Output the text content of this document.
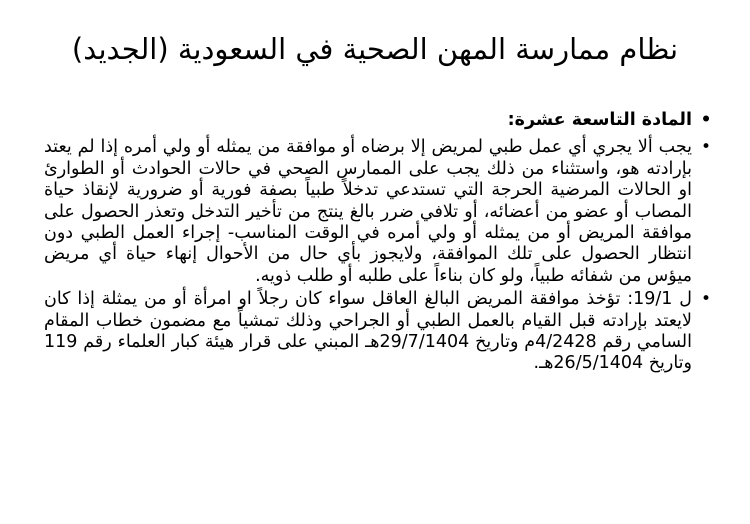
نظام ممارسة المهن الصحية في السعودية (الجديد)
•
المادة التاسعة عشرة:
•
يجب ألا يجري أي عمل طبي لمريض إلا برضاه أو موافقة من يمثله أو ولي أمره إذا لم يعتد بإرادته هو، واستثناء من ذلك يجب على الممارس الصحي في حالات الحوادث أو الطوارئ او الحالات المرضية الحرجة التي تستدعي تدخلاً طبياً بصفة فورية أو ضرورية لإنقاذ حياة المصاب أو عضو من أعضائه، أو تلافي ضرر بالغ ينتج من تأخير التدخل وتعذر الحصول على موافقة المريض أو من يمثله أو ولي أمره في الوقت المناسب- إجراء العمل الطبي دون انتظار الحصول على تلك الموافقة، ولايجوز بأي حال من الأحوال إنهاء حياة أي مريض ميؤس من شفائه طبياً، ولو كان بناءاً على طلبه أو طلب ذويه.
•
ل 19/1: تؤخذ موافقة المريض البالغ العاقل سواء كان رجلاً او امرأة أو من يمثلة إذا كان لايعتد بإرادته قبل القيام بالعمل الطبي أو الجراحي وذلك تمشياً مع مضمون خطاب المقام السامي رقم 4/2428م وتاريخ 29/7/1404هـ المبني على قرار هيئة كبار العلماء رقم 119 وتاريخ 26/5/1404هـ.
